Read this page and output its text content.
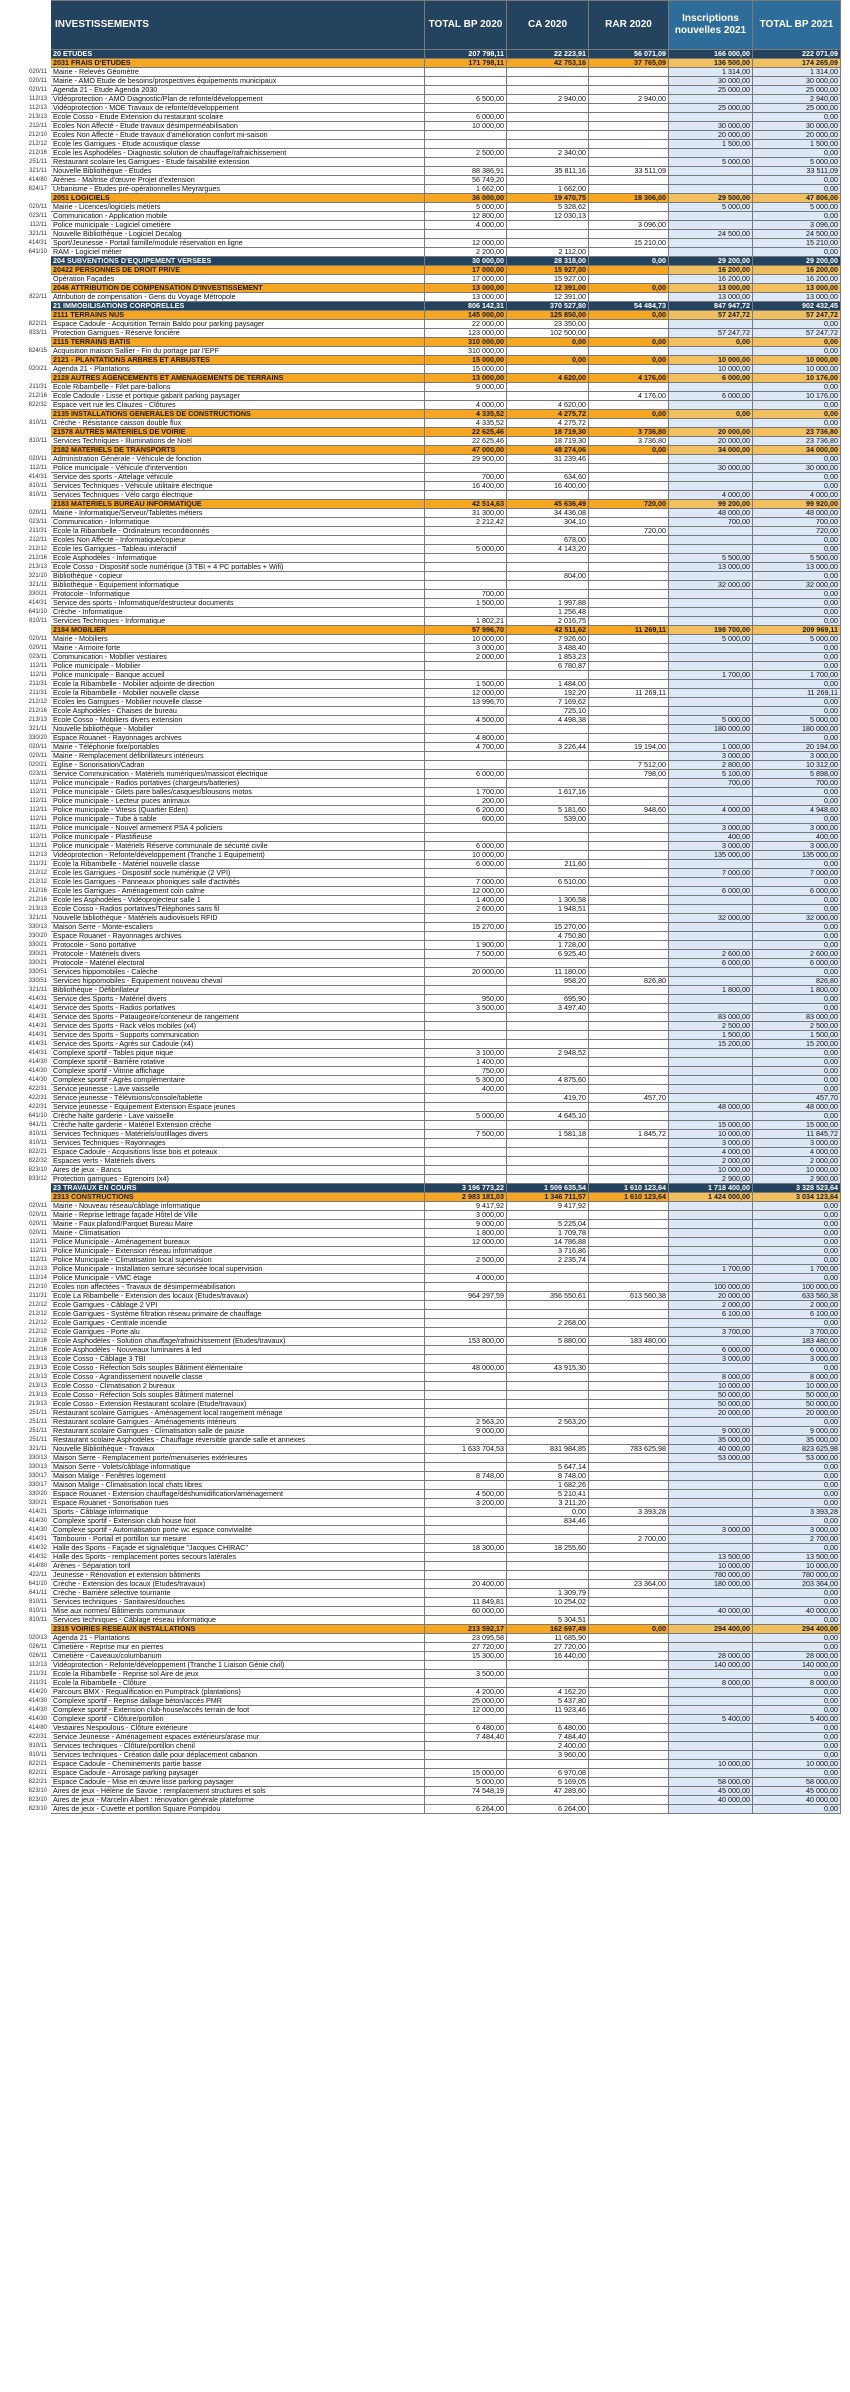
	INVESTISSEMENTS	TOTAL BP 2020	CA 2020	RAR 2020	Inscriptions nouvelles 2021	TOTAL BP 2021
	20 ETUDES	207 798,11	22 223,91	56 071,09	166 000,00	222 071,09
	2031 FRAIS D'ETUDES	171 798,11	42 753,16	37 765,09	136 500,00	174 265,09
020/11	Mairie - Relevés Géomètre				1 314,00	1 314,00
020/11	Mairie - AMO Etude de besoins/prospectives équipements municipaux				30 000,00	30 000,00
020/11	Agenda 21 - Etude Agenda 2030				25 000,00	25 000,00
112/13	Vidéoprotection - AMO Diagnostic/Plan de refonte/développement	6 500,00	2 940,00	2 940,00		2 940,00
112/13	Vidéoprotection - MOE Travaux de refonte/développement				25 000,00	25 000,00
213/13	Ecole Cosso - Etude Extension du restaurant scolaire	6 000,00				0,00
212/11	Ecoles Non Affecté - Etude travaux désimperméabilisation	10 000,00			30 000,00	30 000,00
212/10	Ecoles Non Affecté - Etude travaux d'amélioration confort mi-saison				20 000,00	20 000,00
212/12	Ecole les Garrigues - Etude acoustique classe				1 500,00	1 500,00
212/16	Ecole les Asphodèles - Diagnostic solution de chauffage/rafraichissement	2 500,00	2 340,00			0,00
251/11	Restaurant scolaire les Garrigues - Etude faisabilité extension				5 000,00	5 000,00
321/11	Nouvelle Bibliothèque - Etudes	88 386,91	35 811,16	33 511,09		33 511,09
414/80	Arènes - Maîtrise d'œuvre Projet d'extension	56 749,20				0,00
824/17	Urbanisme - Etudes pré-opérationnelles Meyrargues	1 662,00	1 662,00			0,00
	2051 LOGICIELS	36 000,00	19 470,75	18 306,00	29 500,00	47 806,00
020/11	Mairie - Licences/logiciels métiers	5 000,00	5 328,62		5 000,00	5 000,00
023/11	Communication - Application mobile	12 800,00	12 030,13			0,00
112/11	Police municipale - Logiciel cimetière	4 000,00		3 096,00		3 096,00
321/11	Nouvelle Bibliothèque - Logiciel Decalog				24 500,00	24 500,00
414/31	Sport/Jeunesse - Portail famille/module réservation en ligne	12 000,00		15 210,00		15 210,00
641/10	RAM - Logiciel métier	2 200,00	2 112,00			0,00
	204 SUBVENTIONS D'EQUIPEMENT VERSEES	30 000,00	28 318,00	0,00	29 200,00	29 200,00
	20422 PERSONNES DE DROIT PRIVE	17 000,00	15 927,00		16 200,00	16 200,00
	Opération Façades	17 000,00	15 927,00		16 200,00	16 200,00
	2046 ATTRIBUTION DE COMPENSATION D'INVESTISSEMENT	13 000,00	12 391,00	0,00	13 000,00	13 000,00
822/11	Attribution de compensation - Gens du Voyage Métropole	13 000,00	12 391,00		13 000,00	13 000,00
	21 IMMOBILISATIONS CORPORELLES	806 142,31	370 527,80	54 484,73	847 947,72	902 432,45
	2111 TERRAINS NUS	145 000,00	125 850,00	0,00	57 247,72	57 247,72
822/21	Espace Cadoule - Acquisition Terrain Baldo pour parking paysager	22 000,00	23 350,00			0,00
833/11	Protection Garrigues - Réserve foncière	123 000,00	102 500,00		57 247,72	57 247,72
	2115 TERRAINS BATIS	310 000,00	0,00	0,00	0,00	0,00
824/15	Acquisition maison Sallier - Fin du portage par l'EPF	310 000,00				0,00
	2121 - PLANTATIONS ARBRES ET ARBUSTES	15 000,00	0,00	0,00	10 000,00	10 000,00
020/21	Agenda 21 - Plantations	15 000,00			10 000,00	10 000,00
	2128 AUTRES AGENCEMENTS ET AMENAGEMENTS DE TERRAINS	13 000,00	4 620,00	4 176,00	6 000,00	10 176,00
211/31	Ecole Ribambelle - Filet pare-ballons	9 000,00				0,00
212/16	Ecole Cadoule - Lisse et portique gabarit parking paysager			4 176,00	6 000,00	10 176,00
822/32	Espace vert rue les Clauzes - Clôtures	4 000,00	4 620,00			0,00
	2135 INSTALLATIONS GENERALES DE CONSTRUCTIONS	4 335,52	4 275,72	0,00	0,00	0,00
810/11	Crèche - Résistance caisson double flux	4 335,52	4 275,72			0,00
	21578 AUTRES MATERIELS DE VOIRIE	22 625,46	18 719,30	3 736,80	20 000,00	23 736,80
810/11	Services Techniques - Illuminations de Noël	22 625,46	18 719,30	3 736,80	20 000,00	23 736,80
	2182 MATERIELS DE TRANSPORTS	47 000,00	48 274,06	0,00	34 000,00	34 000,00
020/11	Administration Générale - Véhicule de fonction	29 900,00	31 239,46			0,00
112/11	Police municipale - Véhicule d'intervention				30 000,00	30 000,00
414/31	Service des sports - Attelage véhicule	700,00	634,60			0,00
810/11	Services Techniques - Véhicule utilitaire électrique	16 400,00	16 400,00			0,00
810/11	Services Techniques - Vélo cargo électrique				4 000,00	4 000,00
	2183 MATERIELS BUREAU INFORMATIQUE	42 514,63	45 636,49	720,00	99 200,00	99 920,00
020/11	Mairie - Informatique/Serveur/Tablettes métiers	31 300,00	34 436,08		48 000,00	48 000,00
023/11	Communication - Informatique	2 212,42	304,10		700,00	700,00
211/31	Ecole la Ribambelle - Ordinateurs reconditionnés			720,00		720,00
212/11	Ecoles Non Affecté - Informatique/copieur		678,00			0,00
212/12	Ecole les Garrigues - Tableau interactif	5 000,00	4 143,20			0,00
212/16	Ecole Asphodèles - Informatique				5 500,00	5 500,00
213/13	Ecole Cosso - Dispositif socle numérique (3 TBI + 4 PC portables + Wifi)				13 000,00	13 000,00
321/10	Bibliothèque - copieur		804,00			0,00
321/11	Bibliothèque - Equipement informatique				32 000,00	32 000,00
330/21	Protocole - Informatique	700,00				0,00
414/31	Service des sports - Informatique/destructeur documents	1 500,00	1 997,88			0,00
641/10	Crèche - Informatique		1 256,48			0,00
810/11	Services Techniques - Informatique	1 802,21	2 016,75			0,00
	2184 MOBILIER	57 996,70	42 511,62	11 269,11	198 700,00	209 969,11
020/11	Mairie - Mobiliers	10 000,00	7 926,60		5 000,00	5 000,00
020/11	Mairie - Armoire forte	3 000,00	3 488,40			0,00
023/11	Communication - Mobilier vestiaires	2 000,00	1 853,23			0,00
112/11	Police municipale - Mobilier		6 780,87			0,00
112/11	Police municipale - Banque accueil				1 700,00	1 700,00
211/31	Ecole la Ribambelle - Mobilier adjointe de direction	1 500,00	1 484,00			0,00
211/31	Ecole la Ribambelle - Mobilier nouvelle classe	12 000,00	192,20	11 269,11		11 269,11
212/12	Ecoles les Garrigues - Mobilier nouvelle classe	13 996,70	7 169,62			0,00
212/16	Ecole Asphodèles - Chaises de bureau		725,10			0,00
213/13	Ecole Cosso - Mobiliers divers extension	4 500,00	4 498,38		5 000,00	5 000,00
321/11	Nouvelle bibliothèque - Mobilier				180 000,00	180 000,00
330/20	Espace Rouanet - Rayonnages archives	4 800,00				0,00
020/11	Mairie - Téléphonie fixe/portables	4 700,00	3 226,44	19 194,00	1 000,00	20 194,00
020/11	Mairie - Remplacement défibrillateurs intérieurs				3 000,00	3 000,00
020/21	Eglise - Sonorisation/Cadran			7 512,00	2 800,00	10 312,00
023/11	Service Communication - Matériels numériques/massicot électrique	6 000,00		798,00	5 100,00	5 898,00
112/11	Police municipale - Radios portatives (chargeurs/batteries)				700,00	700,00
112/11	Police municipale - Gilets pare balles/casques/blousons motos	1 700,00	1 617,16			0,00
112/11	Police municipale - Lecteur puces animaux	200,00				0,00
112/11	Police municipale - Vitesis (Quartier Eden)	6 200,00	5 181,60	948,60	4 000,00	4 948,60
112/11	Police municipale - Tube à sable	600,00	539,00			0,00
112/11	Police municipale - Nouvel armement PSA 4 policiers				3 000,00	3 000,00
112/11	Police municipale - Plastifieuse				400,00	400,00
112/11	Police municipale - Matériels Réserve communale de sécurité civile	6 000,00			3 000,00	3 000,00
112/13	Vidéoprotection - Refonte/développement (Tranche 1 Equipement)	10 000,00			135 000,00	135 000,00
211/31	Ecole la Ribambelle - Matériel nouvelle classe	6 000,00	211,60			0,00
212/12	Ecole les Garrigues - Dispositif socle numérique (2 VPI)				7 000,00	7 000,00
212/12	Ecole les Garrigues - Panneaux phoniques salle d'activités	7 000,00	6 510,00			0,00
212/16	Ecole les Garrigues - Aménagement coin calme	12 000,00			6 000,00	6 000,00
212/16	Ecole les Asphodèles - Vidéoprojecteur salle 1	1 400,00	1 306,58			0,00
213/13	Ecole Cosso - Radios portatives/Téléphones sans fil	2 600,00	1 948,51			0,00
321/11	Nouvelle bibliothèque - Matériels audiovisuels RFID				32 000,00	32 000,00
330/13	Maison Serre - Monte-escaliers	15 270,00	15 270,00			0,00
330/20	Espace Rouanet - Rayonnages archives		4 750,80			0,00
330/21	Protocole - Sono portative	1 900,00	1 728,00			0,00
330/21	Protocole - Matériels divers	7 500,00	6 925,40		2 600,00	2 600,00
330/21	Protocole - Matériel électoral				6 000,00	6 000,00
330/51	Services hippomobiles - Calèche	20 000,00	11 180,00			0,00
330/51	Services hippomobiles - Equipement nouveau cheval		958,20	826,80		826,80
321/11	Bibliothèque - Défibrillateur				1 800,00	1 800,00
414/31	Service des Sports - Matériel divers	950,00	695,90			0,00
414/31	Service des Sports - Radios portatives	3 500,00	3 497,40			0,00
414/31	Service des Sports - Pataugeoire/conteneur de rangement				83 000,00	83 000,00
414/31	Service des Sports - Rack vélos mobiles (x4)				2 500,00	2 500,00
414/31	Service des Sports - Supports communication				1 500,00	1 500,00
414/31	Service des Sports - Agrès sur Cadoule (x4)				15 200,00	15 200,00
414/31	Complexe sportif - Tables pique nique	3 100,00	2 948,52			0,00
414/30	Complexe sportif - Barrière rotative	1 400,00				0,00
414/30	Complexe sportif - Vitrine affichage	750,00				0,00
414/30	Complexe sportif - Agrès complémentaire	5 300,00	4 875,60			0,00
422/31	Service jeunesse - Lave vaisselle	400,00				0,00
422/31	Service jeunesse - Télévisions/console/tablette		419,70	457,70		457,70
422/31	Service jeunesse - Equipement Extension Espace jeunes				48 000,00	48 000,00
641/10	Crèche halte garderie - Lave vaisselle	5 000,00	4 645,10			0,00
641/11	Crèche halte garderie - Matériel Extension crèche				15 000,00	15 000,00
810/11	Services Techniques - Matériels/outillages divers	7 500,00	1 581,18	1 845,72	10 000,00	11 845,72
810/11	Services Techniques - Rayonnages				3 000,00	3 000,00
822/21	Espace Cadoule - Acquisitions lisse bois et poteaux				4 000,00	4 000,00
822/32	Espaces verts - Matériels divers				2 000,00	2 000,00
823/10	Aires de jeux - Bancs				10 000,00	10 000,00
833/12	Protection garrigues - Egrenoirs (x4)				2 900,00	2 900,00
	23 TRAVAUX EN COURS	3 196 773,22	1 509 635,54	1 610 123,64	1 718 400,00	3 328 523,64
	2313 CONSTRUCTIONS	2 983 181,03	1 346 711,57	1 610 123,64	1 424 000,00	3 034 123,64
020/11	Mairie - Nouveau réseau/câblage informatique	9 417,92	9 417,92			0,00
020/11	Mairie - Reprise lettrage façade Hôtel de Ville	3 000,00				0,00
020/11	Mairie - Faux plafond/Parquet Bureau Maire	9 000,00	5 225,04			0,00
020/11	Mairie - Climatisation	1 800,00	1 709,78			0,00
112/11	Police Municipale - Aménagement bureaux	12 000,00	14 786,88			0,00
112/11	Police Municipale - Extension réseau informatique		3 716,86			0,00
112/11	Police Municipale - Climatisation local supervision	2 500,00	2 235,74			0,00
112/13	Police Municipale - Installation serrure sécurisée local supervision				1 700,00	1 700,00
112/14	Police Municipale - VMC étage	4 000,00				0,00
212/10	Ecoles non affectées - Travaux de désimperméabilisation				100 000,00	100 000,00
211/31	Ecole La Ribambelle - Extension des locaux (Etudes/travaux)	964 297,59	356 550,61	613 560,38	20 000,00	633 560,38
212/12	Ecole Garrigues - Câblage 2 VPI				2 000,00	2 000,00
212/12	Ecole Garrigues - Système filtration réseau primaire de chauffage				6 100,00	6 100,00
212/12	Ecole Garrigues - Centrale incendie		2 268,00			0,00
212/12	Ecole Garrigues - Porte alu				3 700,00	3 700,00
212/16	Ecole Asphodèles - Solution chauffage/rafraichissement (Etudes/travaux)	153 800,00	5 880,00	183 480,00		183 480,00
212/16	Ecole Asphodèles - Nouveaux luminaires à led				6 000,00	6 000,00
213/13	Ecole Cosso - Câblage 3 TBI				3 000,00	3 000,00
213/13	Ecole Cosso - Réfection Sols souples Bâtiment élémentaire	48 000,00	43 915,30			0,00
213/13	Ecole Cosso - Agrandissement nouvelle classe				8 000,00	8 000,00
213/13	Ecole Cosso - Climatisation 2 bureaux				10 000,00	10 000,00
213/13	Ecole Cosso - Réfection Sols souples Bâtiment maternel				50 000,00	50 000,00
213/13	Ecole Cosso - Extension Restaurant scolaire (Etude/travaux)				50 000,00	50 000,00
251/11	Restaurant scolaire Garrigues - Aménagement local rangement ménage				20 000,00	20 000,00
251/11	Restaurant scolaire Garrigues - Aménagements intérieurs	2 563,20	2 563,20			0,00
251/11	Restaurant scolaire Garrigues - Climatisation salle de pause	9 000,00			9 000,00	9 000,00
251/11	Restaurant scolaire Asphodèles - Chauffage réversible grande salle et annexes				35 000,00	35 000,00
321/11	Nouvelle Bibliothèque - Travaux	1 633 704,53	831 984,85	783 625,98	40 000,00	823 625,98
330/13	Maison Serre - Remplacement porte/menuiseries extérieures				53 000,00	53 000,00
330/13	Maison Serre - Volets/câblage informatique		5 647,14			0,00
330/17	Maison Malige - Fenêtres logement	8 748,00	8 748,00			0,00
330/17	Maison Malige - Climatisation local chats libres		1 682,26			0,00
330/20	Espace Rouanet - Extension chauffage/déshumidification/aménagement	4 500,00	5 210,41			0,00
330/21	Espace Rouanet - Sonorisation rues	3 200,00	3 211,20			0,00
414/21	Sports - Câblage informatique		0,00	3 393,28		3 393,28
414/30	Complexe sportif - Extension club house foot		834,46			0,00
414/30	Complexe sportif - Automatisation porte wc espace convivialité				3 000,00	3 000,00
414/31	Tambourin - Portail et portillon sur mesure			2 700,00		2 700,00
414/32	Halle des Sports - Façade et signalétique "Jacques CHIRAC"	18 300,00	18 255,60			0,00
414/32	Halle des Sports - remplacement portes secours latérales				13 500,00	13 500,00
414/80	Arènes - Séparation toril				10 000,00	10 000,00
422/11	Jeunesse - Rénovation et extension bâtiments				780 000,00	780 000,00
641/10	Crèche - Extension des locaux (Etudes/travaux)	20 400,00		23 364,00	180 000,00	203 364,00
641/11	Crèche - Barrière sélective tournante		1 309,79			0,00
810/11	Services techniques - Sanitaires/douches	11 849,81	10 254,02			0,00
810/11	Mise aux normes/ Bâtiments communaux	60 000,00			40 000,00	40 000,00
810/11	Services techniques - Câblage réseau informatique		5 304,51			0,00
	2315 VOIRIES RESEAUX INSTALLATIONS	213 592,17	162 697,49	0,00	294 400,00	294 400,00
020/13	Agenda 21 - Plantations	23 095,58	11 685,90			0,00
026/11	Cimetière - Reprise mur en pierres	27 720,00	27 720,00			0,00
026/11	Cimetière - Caveaux/columbarium	15 300,00	16 440,00		28 000,00	28 000,00
112/13	Vidéoprotection - Refonte/développement (Tranche 1 Liaison Génie civil)				140 000,00	140 000,00
211/31	Ecole la Ribambelle - Reprise sol Aire de jeux	3 500,00				0,00
211/31	Ecole la Ribambelle - Clôture				8 000,00	8 000,00
414/20	Parcours BMX - Requalification en Pumptrack (plantations)	4 200,00	4 162,20			0,00
414/30	Complexe sportif - Reprise dallage béton/accès PMR	25 000,00	5 437,80			0,00
414/30	Complexe sportif - Extension club-house/accès terrain de foot	12 000,00	11 923,46			0,00
414/30	Complexe sportif - Clôture/portillon				5 400,00	5 400,00
414/80	Vestiaires Nespoulous - Clôture extérieure	6 480,00	6 480,00			0,00
422/31	Service Jeunesse - Aménagement espaces extérieurs/arase mur	7 484,40	7 484,40			0,00
810/11	Services techniques - Clôture/portillon chenil		2 400,00			0,00
810/11	Services techniques - Création dalle pour déplacement cabanon		3 960,00			0,00
822/21	Espace Cadoule - Cheminements partie basse				10 000,00	10 000,00
822/21	Espace Cadoule - Arrosage parking paysager	15 000,00	6 970,08			0,00
822/21	Espace Cadoule - Mise en œuvre lisse parking paysager	5 000,00	5 169,05		58 000,00	58 000,00
823/10	Aires de jeux - Hélène de Savoie : remplacement structures et sols	74 548,19	47 289,60		45 000,00	45 000,00
823/10	Aires de jeux - Marcelin Albert : rénovation générale plateforme				40 000,00	40 000,00
823/10	Aires de jeux - Cuvette et portillon Square Pompidou	6 264,00	6 264,00			0,00
